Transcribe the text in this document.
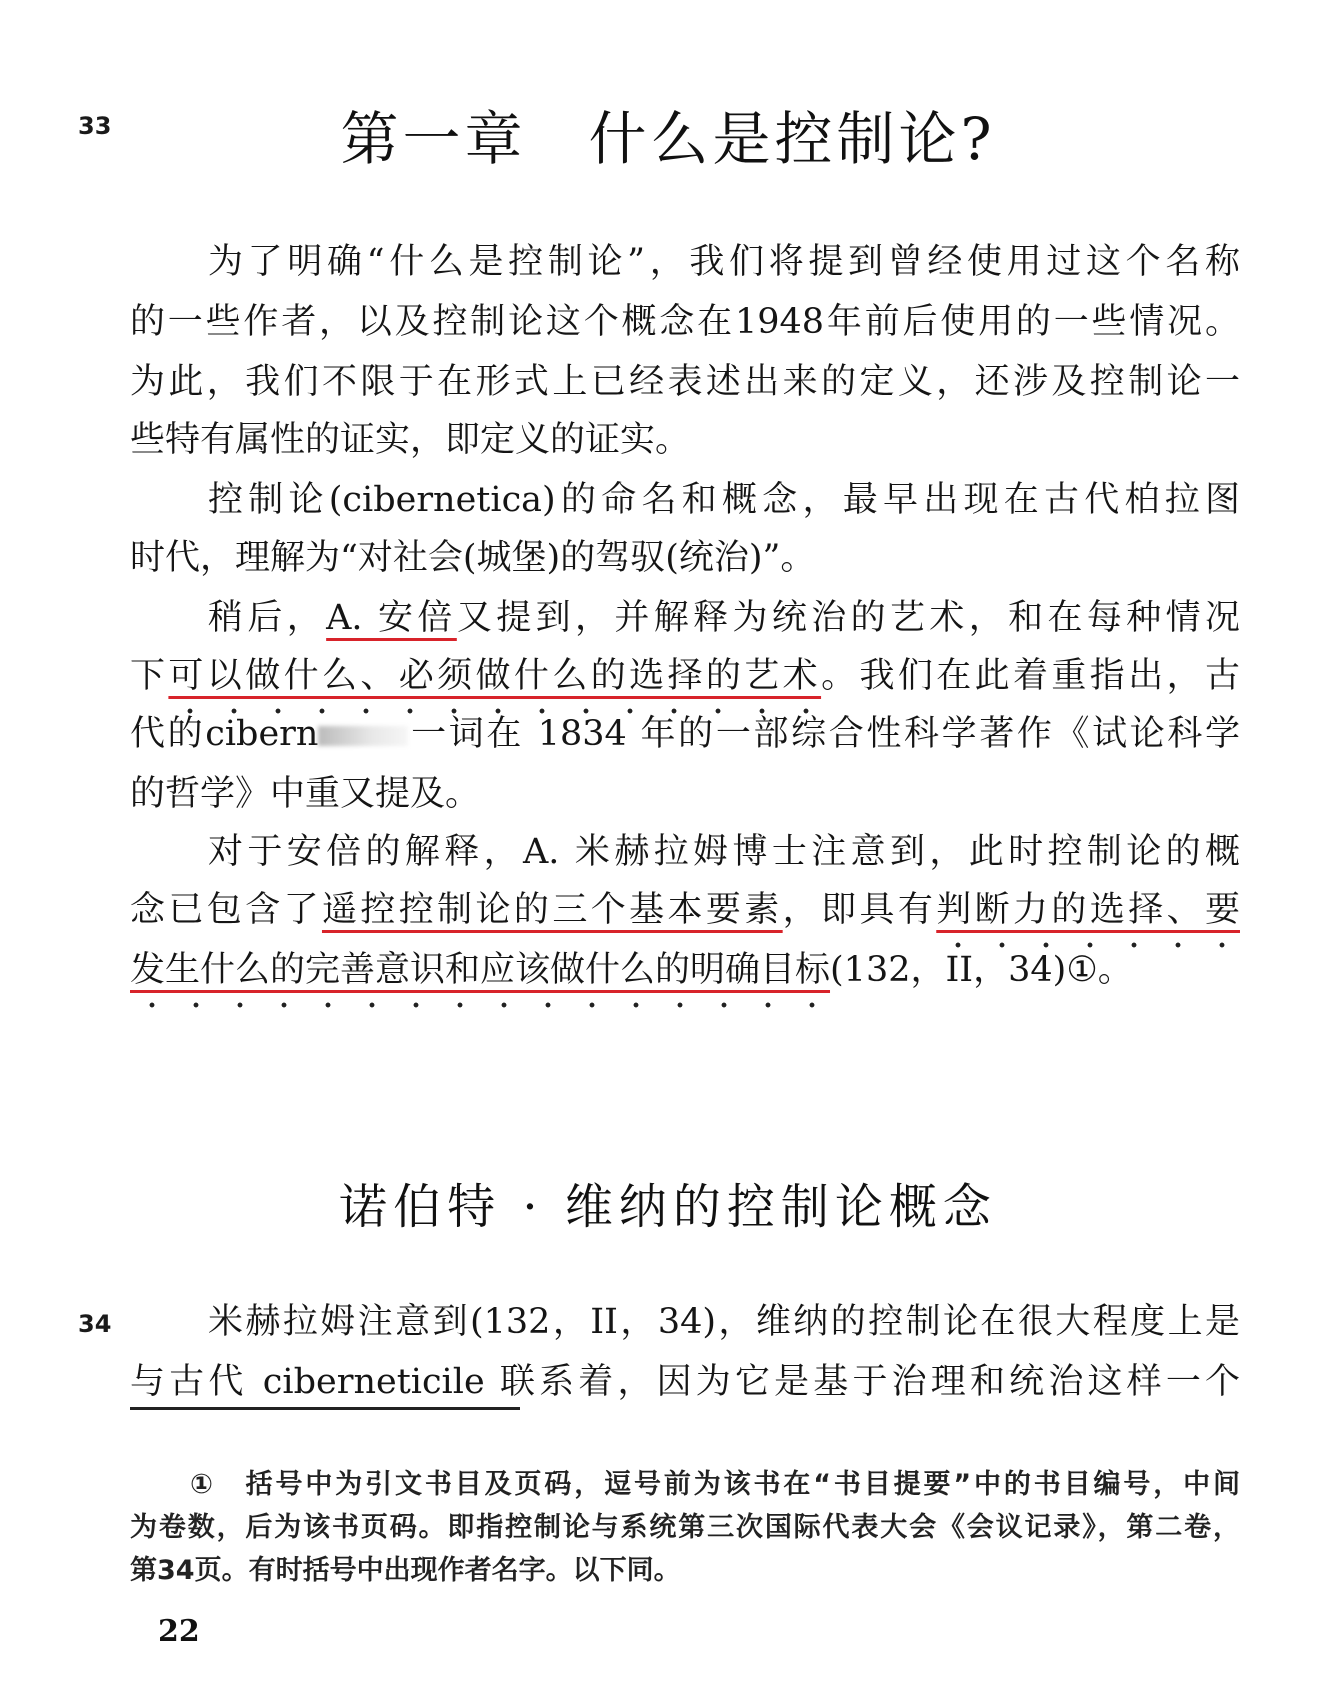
33	第一章　什么是控制论?
为了明确“什么是控制论”，我们将提到曾经使用过这个名称
的一些作者，以及控制论这个概念在1948年前后使用的一些情况。
为此，我们不限于在形式上已经表述出来的定义，还涉及控制论一
些特有属性的证实，即定义的证实。
控制论(cibernetica)的命名和概念，最早出现在古代柏拉图
时代，理解为“对社会(城堡)的驾驭(统治)”。
稍后，A. 安倍又提到，并解释为统治的艺术，和在每种情况
下可以做什么、必须做什么的选择的艺术。我们在此着重指出，古
代的cibern	一词在 1834 年的一部综合性科学著作《试论科学
的哲学》中重又提及。
对于安倍的解释，A. 米赫拉姆博士注意到，此时控制论的概
念已包含了遥控控制论的三个基本要素，即具有判断力的选择、要
发生什么的完善意识和应该做什么的明确目标(132，II，34)①。
诺伯特 · 维纳的控制论概念
34	米赫拉姆注意到(132，II，34)，维纳的控制论在很大程度上是
与古代 ciberneticile 联系着，因为它是基于治理和统治这样一个
①　括号中为引文书目及页码，逗号前为该书在“书目提要”中的书目编号，中间
为卷数，后为该书页码。即指控制论与系统第三次国际代表大会《会议记录》，第二卷，
第34页。有时括号中出现作者名字。以下同。
22
